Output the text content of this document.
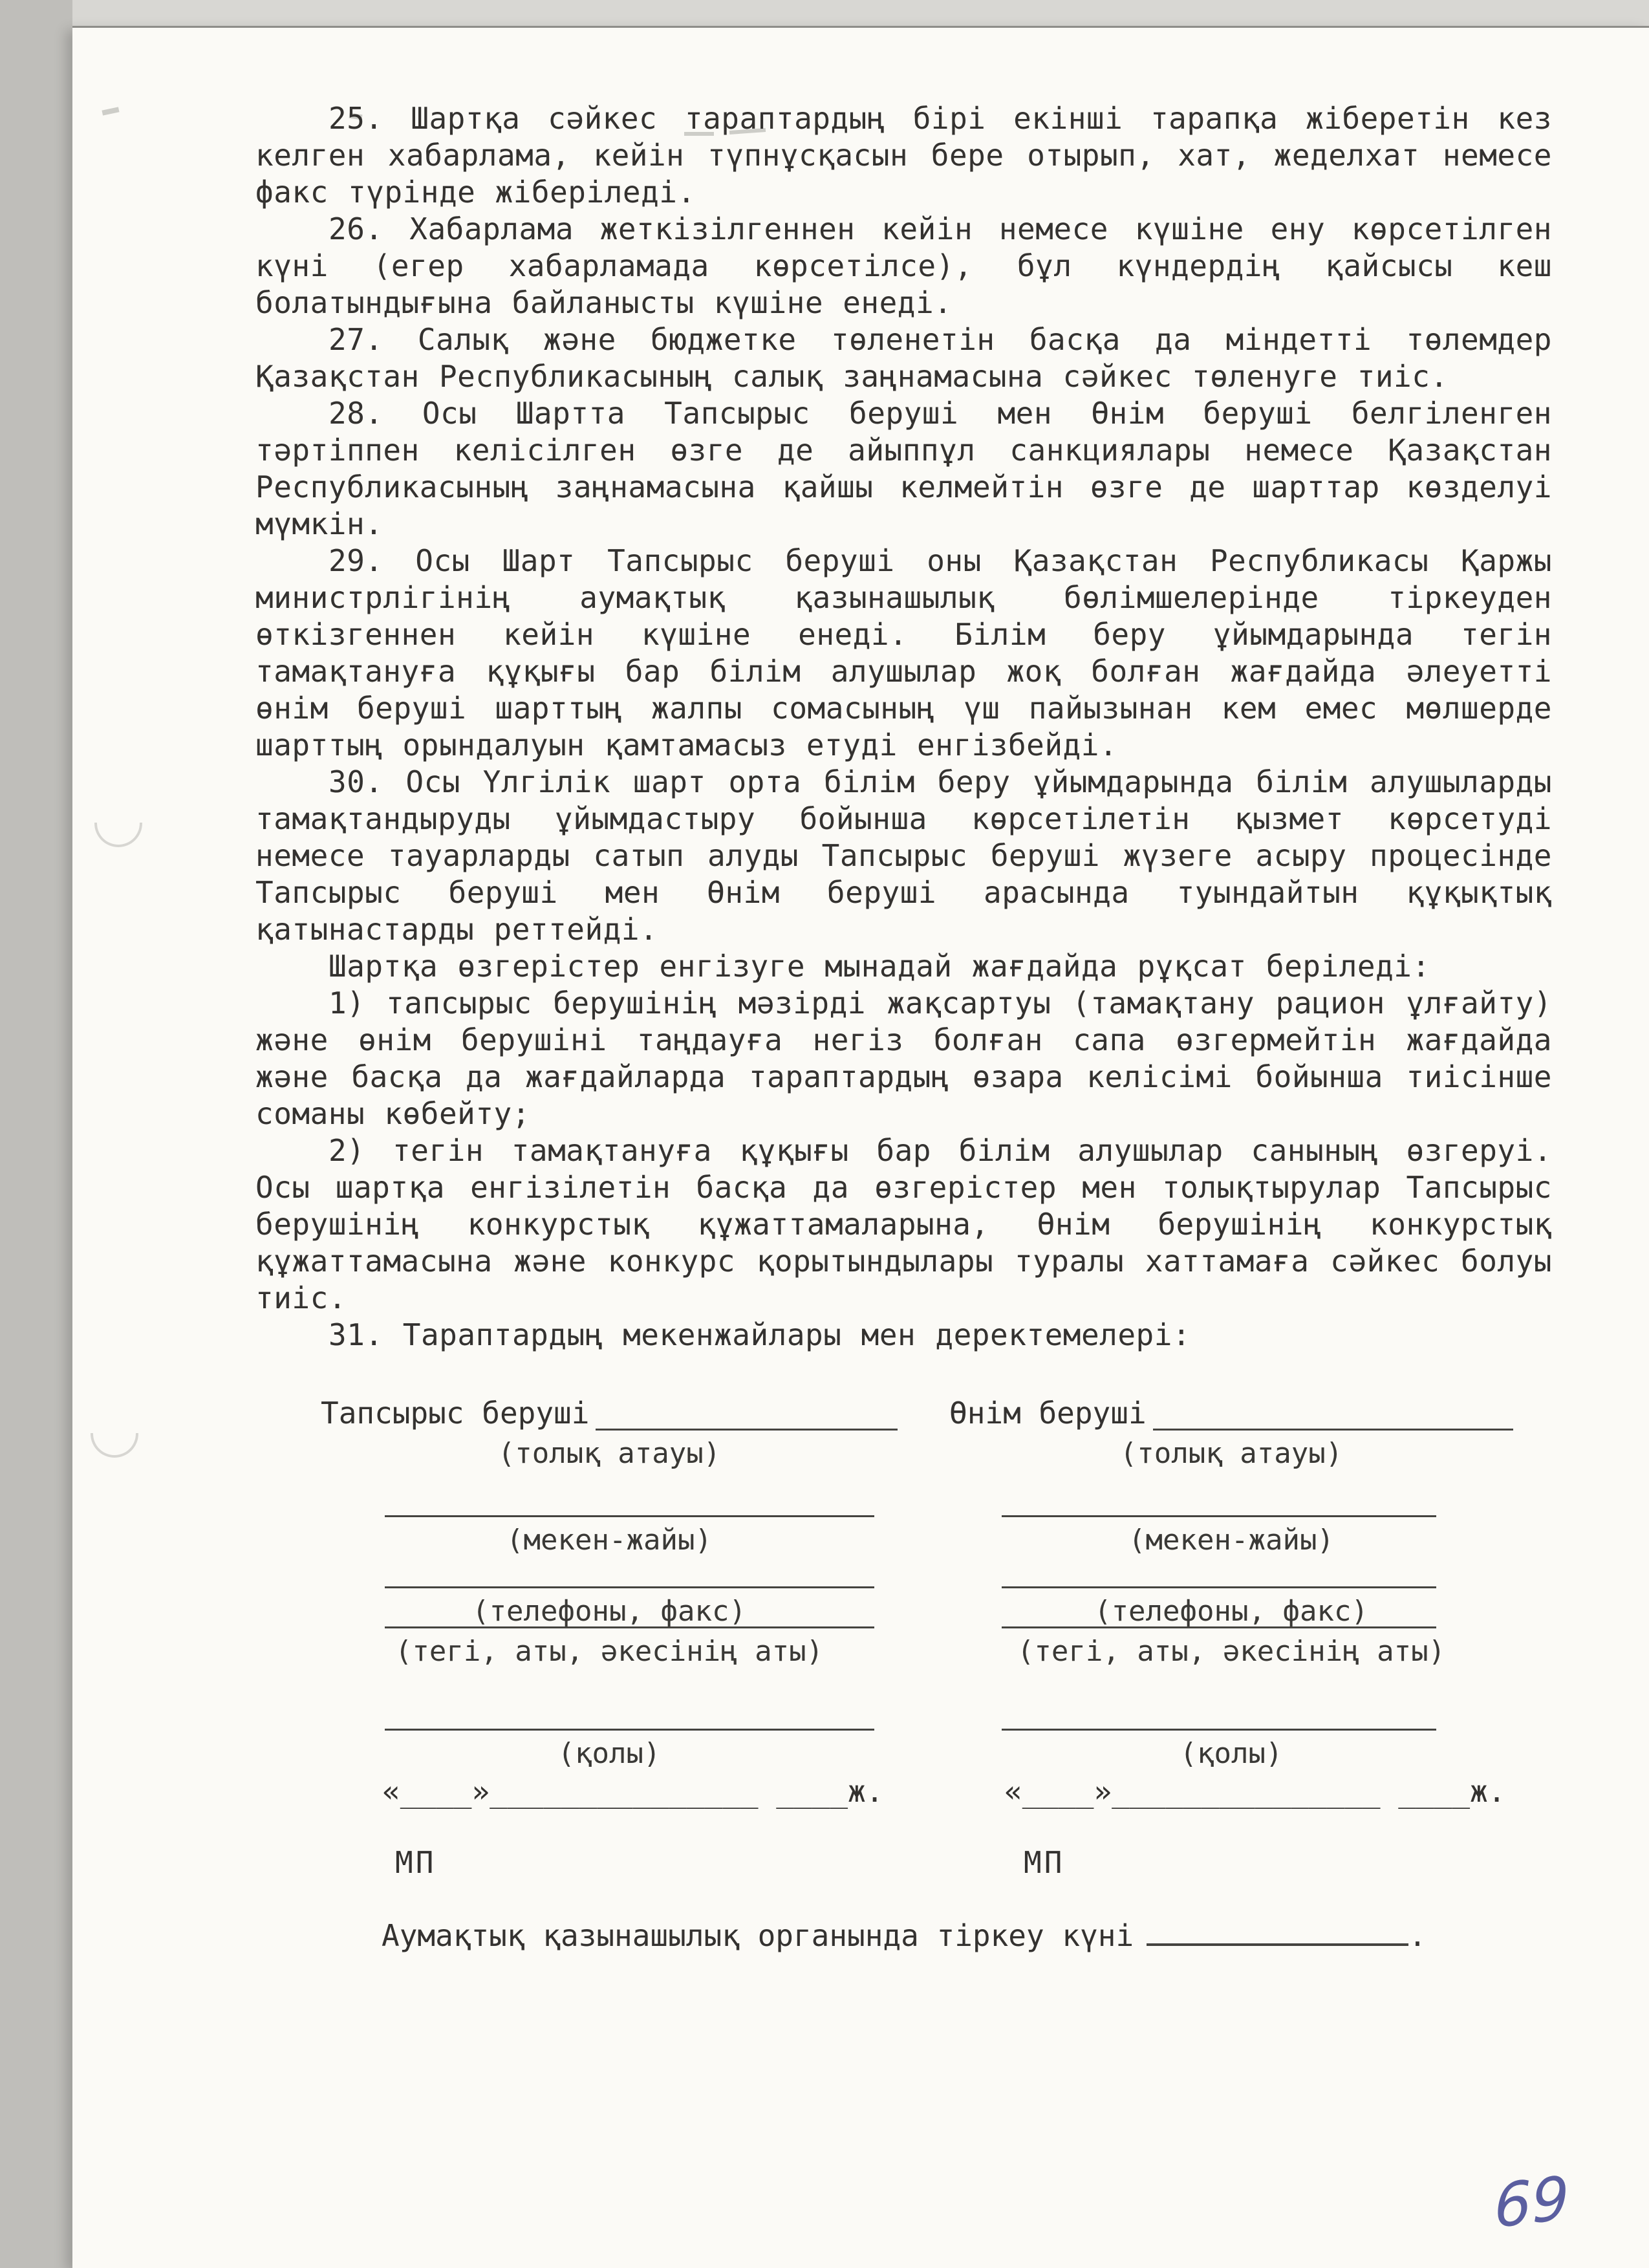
25. Шартқа сәйкес тараптардың бірі екінші тарапқа жіберетін кез келген хабарлама, кейін түпнұсқасын бере отырып, хат, жеделхат немесе факс түрінде жіберіледі.

26. Хабарлама жеткізілгеннен кейін немесе күшіне ену көрсетілген күні (егер хабарламада көрсетілсе), бұл күндердің қайсысы кеш болатындығына байланысты күшіне енеді.

27. Салық және бюджетке төленетін басқа да міндетті төлемдер Қазақстан Республикасының салық заңнамасына сәйкес төленуге тиіс.

28. Осы Шартта Тапсырыс беруші мен Өнім беруші белгіленген тәртіппен келісілген өзге де айыппұл санкциялары немесе Қазақстан Республикасының заңнамасына қайшы келмейтін өзге де шарттар көзделуі мүмкін.

29. Осы Шарт Тапсырыс беруші оны Қазақстан Республикасы Қаржы министрлігінің аумақтық қазынашылық бөлімшелерінде тіркеуден өткізгеннен кейін күшіне енеді. Білім беру ұйымдарында тегін тамақтануға құқығы бар білім алушылар жоқ болған жағдайда әлеуетті өнім беруші шарттың жалпы сомасының үш пайызынан кем емес мөлшерде шарттың орындалуын қамтамасыз етуді енгізбейді.

30. Осы Үлгілік шарт орта білім беру ұйымдарында білім алушыларды тамақтандыруды ұйымдастыру бойынша көрсетілетін қызмет көрсетуді немесе тауарларды сатып алуды Тапсырыс беруші жүзеге асыру процесінде Тапсырыс беруші мен Өнім беруші арасында туындайтын құқықтық қатынастарды реттейді.

Шартқа өзгерістер енгізуге мынадай жағдайда рұқсат беріледі:

1) тапсырыс берушінің мәзірді жақсартуы (тамақтану рацион ұлғайту) және өнім берушіні таңдауға негіз болған сапа өзгермейтін жағдайда және басқа да жағдайларда тараптардың өзара келісімі бойынша тиісінше соманы көбейту;

2) тегін тамақтануға құқығы бар білім алушылар санының өзгеруі. Осы шартқа енгізілетін басқа да өзгерістер мен толықтырулар Тапсырыс берушінің конкурстық құжаттамаларына, Өнім берушінің конкурстық құжаттамасына және конкурс қорытындылары туралы хаттамаға сәйкес болуы тиіс.

31. Тараптардың мекенжайлары мен деректемелері:

Тапсырыс беруші
(толық атауы)
(мекен-жайы)
(телефоны, факс)
(тегі, аты, әкесінің аты)
(қолы)
«____»_______________ ____ж.
МП
Өнім беруші
(толық атауы)
(мекен-жайы)
(телефоны, факс)
(тегі, аты, әкесінің аты)
(қолы)
«____»_______________ ____ж.
МП
Аумақтық қазынашылық органында тіркеу күні	.
69
